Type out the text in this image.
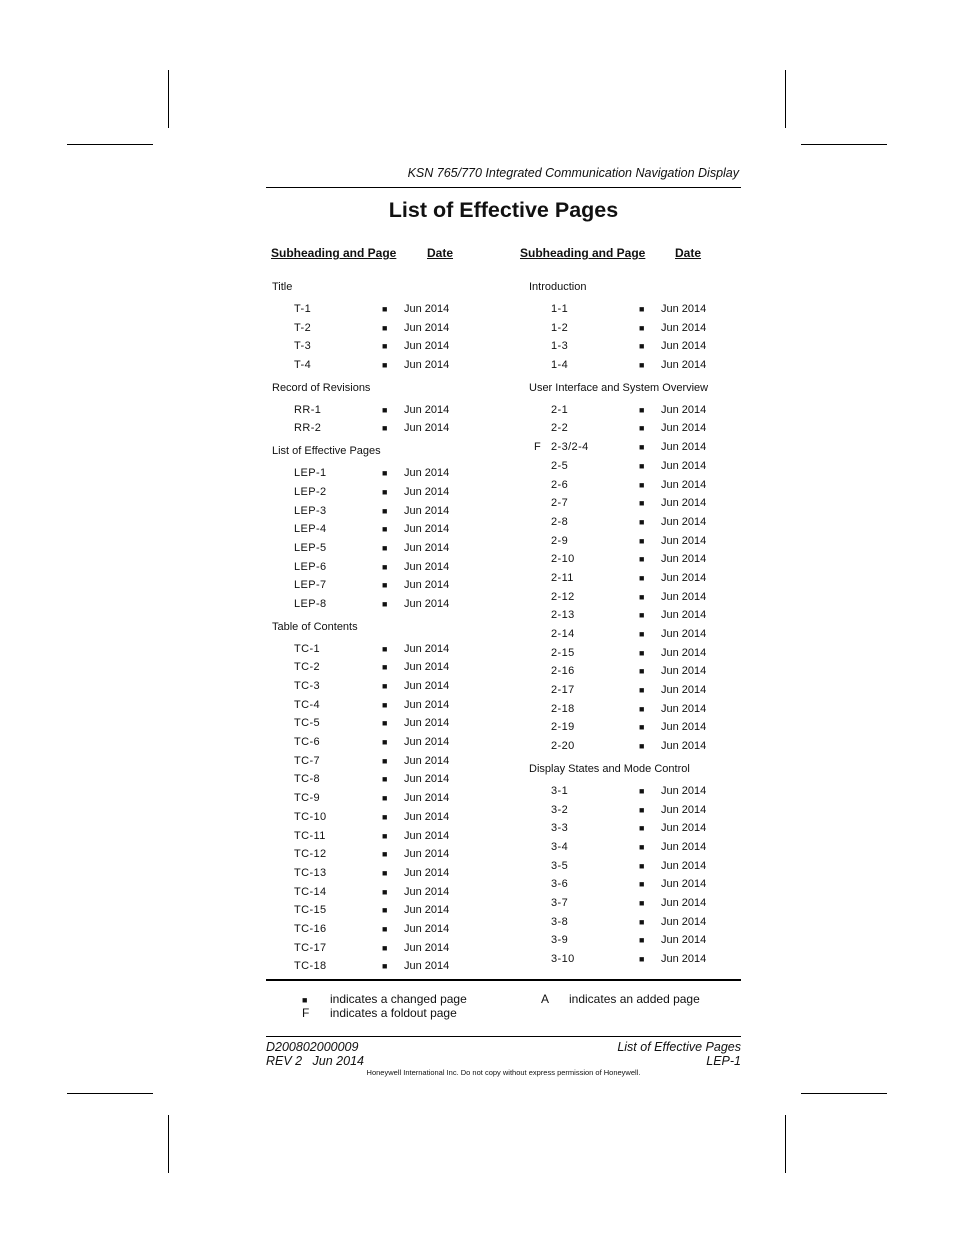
KSN 765/770 Integrated Communication Navigation Display
List of Effective Pages
Subheading and Page	Date	Subheading and Page Date
Title
T-1	■ Jun 2014
T-2	■ Jun 2014
T-3	■ Jun 2014
T-4	■ Jun 2014
Record of Revisions
RR-1	■ Jun 2014
RR-2	■ Jun 2014
List of Effective Pages
LEP-1	■ Jun 2014
LEP-2	■ Jun 2014
LEP-3	■ Jun 2014
LEP-4	■ Jun 2014
LEP-5	■ Jun 2014
LEP-6	■ Jun 2014
LEP-7	■ Jun 2014
LEP-8	■ Jun 2014
Table of Contents
TC-1	■ Jun 2014
TC-2	■ Jun 2014
TC-3	■ Jun 2014
TC-4	■ Jun 2014
TC-5	■ Jun 2014
TC-6	■ Jun 2014
TC-7	■ Jun 2014
TC-8	■ Jun 2014
TC-9	■ Jun 2014
TC-10	■ Jun 2014
TC-11	■ Jun 2014
TC-12	■ Jun 2014
TC-13	■ Jun 2014
TC-14	■ Jun 2014
TC-15	■ Jun 2014
TC-16	■ Jun 2014
TC-17	■ Jun 2014
TC-18	■ Jun 2014
Introduction
1-1	■ Jun 2014
1-2	■ Jun 2014
1-3	■ Jun 2014
1-4	■ Jun 2014
User Interface and System Overview
2-1	■ Jun 2014
2-2	■ Jun 2014
F 2-3/2-4	■ Jun 2014
2-5	■ Jun 2014
2-6	■ Jun 2014
2-7	■ Jun 2014
2-8	■ Jun 2014
2-9	■ Jun 2014
2-10	■ Jun 2014
2-11	■ Jun 2014
2-12	■ Jun 2014
2-13	■ Jun 2014
2-14	■ Jun 2014
2-15	■ Jun 2014
2-16	■ Jun 2014
2-17	■ Jun 2014
2-18	■ Jun 2014
2-19	■ Jun 2014
2-20	■ Jun 2014
Display States and Mode Control
3-1	■ Jun 2014
3-2	■ Jun 2014
3-3	■ Jun 2014
3-4	■ Jun 2014
3-5	■ Jun 2014
3-6	■ Jun 2014
3-7	■ Jun 2014
3-8	■ Jun 2014
3-9	■ Jun 2014
3-10	■ Jun 2014
■ indicates a changed page
F indicates a foldout page
A indicates an added page
D200802000009
REV 2   Jun 2014
List of Effective Pages
LEP-1
Honeywell International Inc. Do not copy without express permission of Honeywell.
